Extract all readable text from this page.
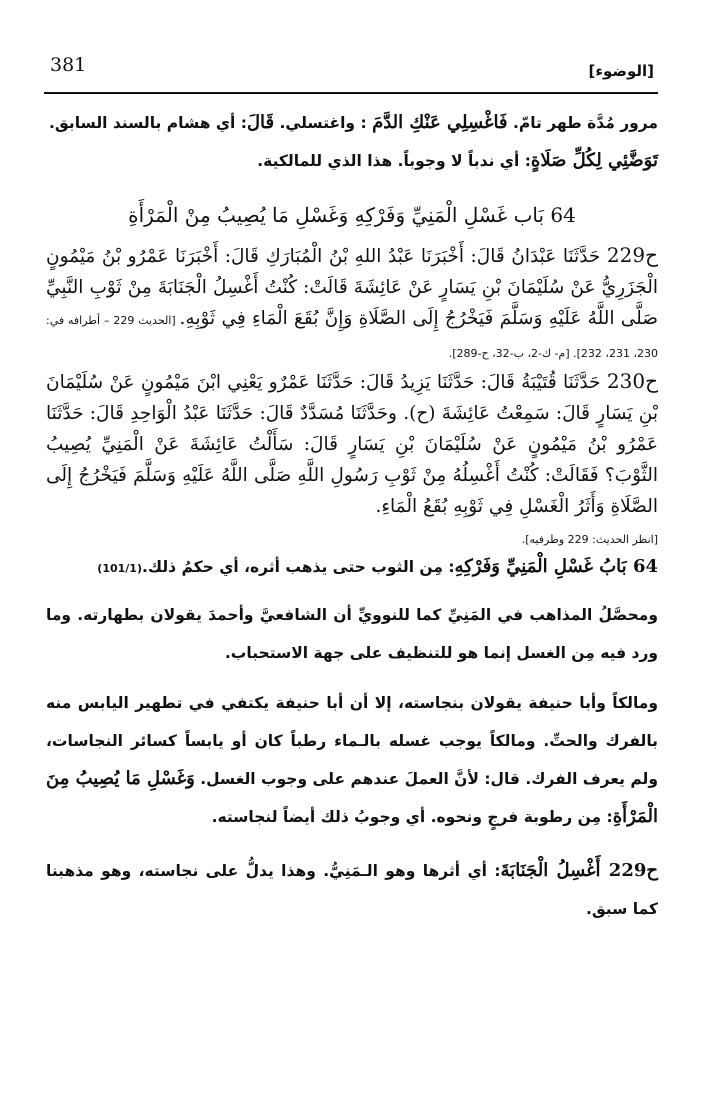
381	[الوضوء]

مرور مُدَّة طهر تامّ. فَاغْسِلِي عَنْكِ الدَّمَ : واغتسلي. قَالَ: أي هشام بالسند السابق.
تَوَضَّئِي لِكُلِّ صَلَاةٍ: أي ندباً لا وجوباً. هذا الذي للمالكية.

64 بَاب غَسْلِ الْمَنِيِّ وَفَرْكِهِ وَغَسْلِ مَا يُصِيبُ مِنْ الْمَرْأَةِ

ح229 حَدَّثَنَا عَبْدَانُ قَالَ: أَخْبَرَنَا عَبْدُ اللهِ بْنُ الْمُبَارَكِ قَالَ: أَخْبَرَنَا عَمْرُو بْنُ مَيْمُونٍ الْجَزَرِيُّ عَنْ سُلَيْمَانَ بْنِ يَسَارٍ عَنْ عَائِشَةَ قَالَتْ: كُنْتُ أَغْسِلُ الْجَنَابَةَ مِنْ ثَوْبِ النَّبِيِّ صَلَّى اللَّهُ عَلَيْهِ وَسَلَّمَ فَيَخْرُجُ إِلَى الصَّلَاةِ وَإِنَّ بُقَعَ الْمَاءِ فِي ثَوْبِهِ. [الحديث 229 – أطرافه في: 230، 231، 232]. [م- ك-2، ب-32، ح-289].

ح230 حَدَّثَنَا قُتَيْبَةُ قَالَ: حَدَّثَنَا يَزِيدُ قَالَ: حَدَّثَنَا عَمْرٌو يَعْنِي ابْنَ مَيْمُونٍ عَنْ سُلَيْمَانَ بْنِ يَسَارٍ قَالَ: سَمِعْتُ عَائِشَةَ (ح). وحَدَّثَنَا مُسَدَّدٌ قَالَ: حَدَّثَنَا عَبْدُ الْوَاحِدِ قَالَ: حَدَّثَنَا عَمْرُو بْنُ مَيْمُونٍ عَنْ سُلَيْمَانَ بْنِ يَسَارٍ قَالَ: سَأَلْتُ عَائِشَةَ عَنْ الْمَنِيِّ يُصِيبُ الثَّوْبَ؟ فَقَالَتْ: كُنْتُ أَغْسِلُهُ مِنْ ثَوْبِ رَسُولِ اللَّهِ صَلَّى اللَّهُ عَلَيْهِ وَسَلَّمَ فَيَخْرُجُ إِلَى الصَّلَاةِ وَأَثَرُ الْغَسْلِ فِي ثَوْبِهِ بُقَعُ الْمَاءِ.
[انظر الحديث: 229 وطرفيه].

64 بَابُ غَسْلِ الْمَنِيِّ وَفَرْكِهِ: مِن الثوب حتى يذهب أثره، أي حكمُ ذلك.(101/1)

ومحصَّلُ المذاهب في المَنِيِّ كما للنوويِّ أن الشافعيَّ وأحمدَ يقولان بطهارته. وما ورد فيه مِن الغسل إنما هو للتنظيف على جهة الاستحباب.

ومالكاً وأبا حنيفة يقولان بنجاسته، إلا أن أبا حنيفة يكتفي في تطهير اليابس منه بالفرك والحتِّ. ومالكاً يوجب غسله بالـماء رطباً كان أو يابساً كسائر النجاسات، ولم يعرف الفرك. قال: لأنَّ العملَ عندهم على وجوب الغسل. وَغَسْلِ مَا يُصِيبُ مِنَ الْمَرْأَةِ: مِن رطوبة فرجٍ ونحوه. أي وجوبُ ذلك أيضاً لنجاسته.

ح229 أَغْسِلُ الْجَنَابَةَ: أي أثرها وهو الـمَنِيُّ. وهذا يدلُّ على نجاسته، وهو مذهبنا كما سبق.
